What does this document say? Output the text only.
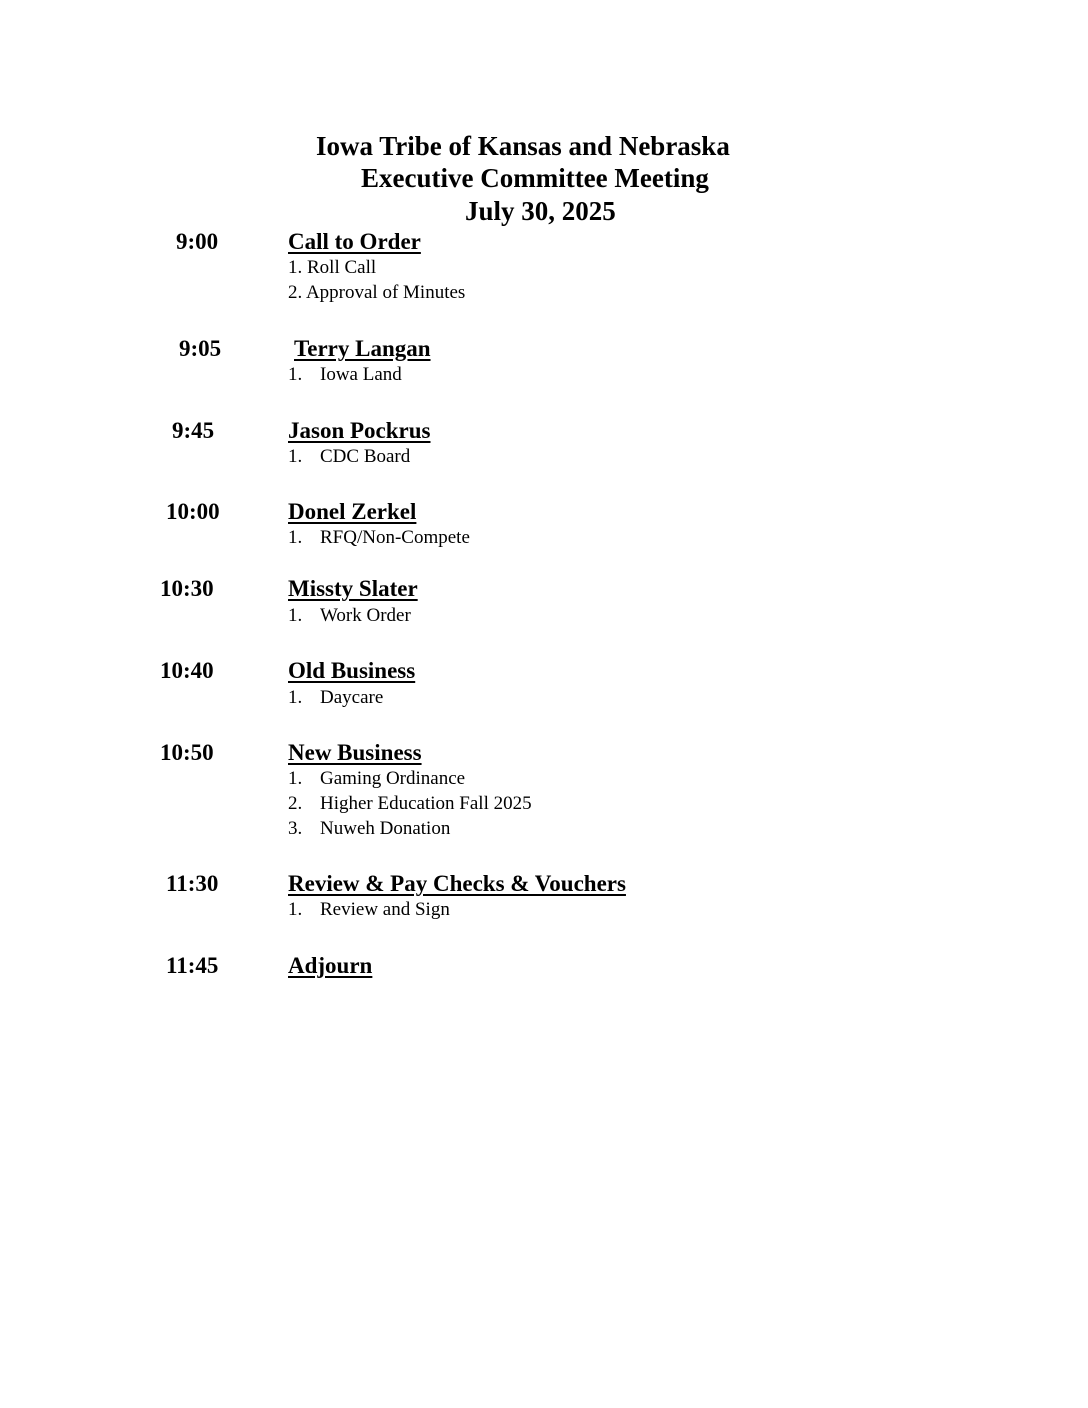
Iowa Tribe of Kansas and Nebraska
Executive Committee Meeting
July 30, 2025
9:00	Call to Order
1. Roll Call
2. Approval of Minutes
9:05	Terry Langan
1. Iowa Land
9:45	Jason Pockrus
1. CDC Board
10:00	Donel Zerkel
1. RFQ/Non-Compete
10:30	Missty Slater
1. Work Order
10:40	Old Business
1. Daycare
10:50	New Business
1. Gaming Ordinance
2. Higher Education Fall 2025
3. Nuweh Donation
11:30	Review & Pay Checks & Vouchers
1. Review and Sign
11:45	Adjourn
